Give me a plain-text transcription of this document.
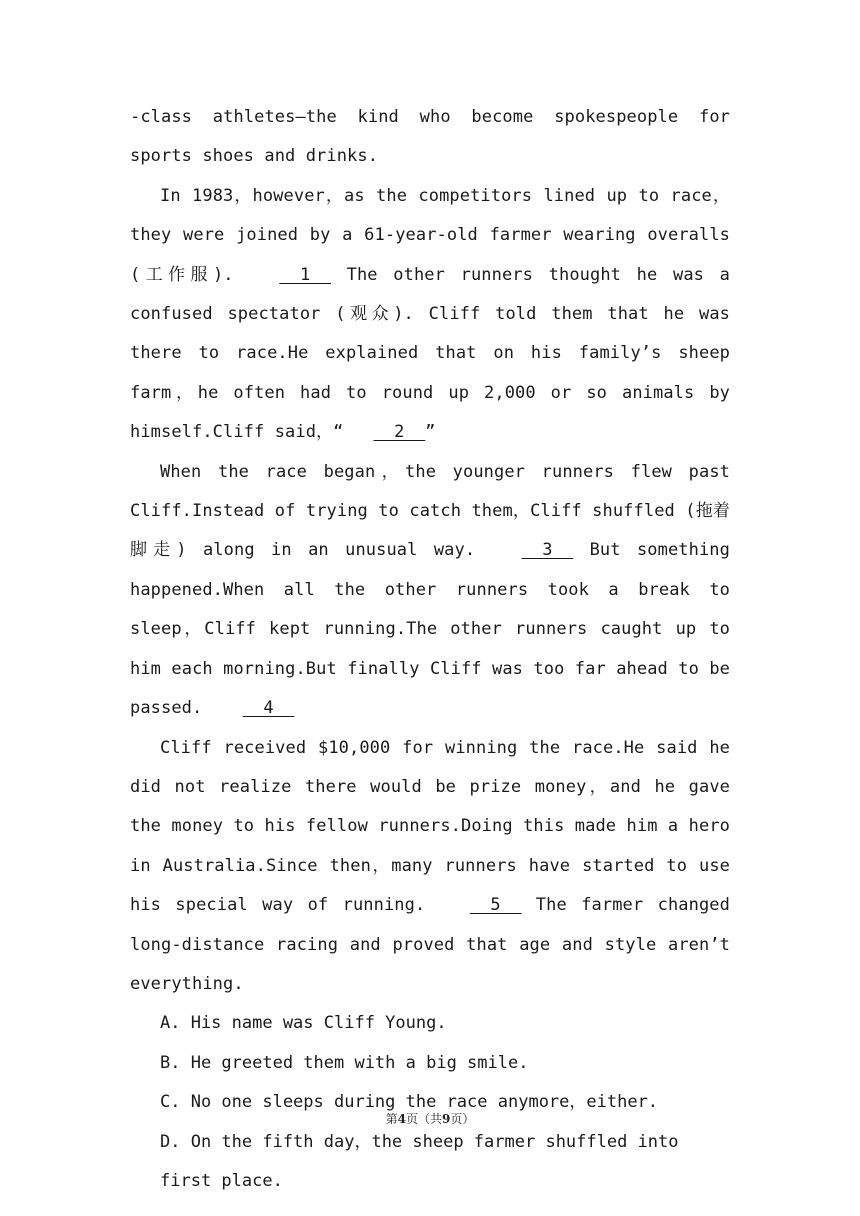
-class athletes—the kind who become spokespeople for sports shoes and drinks.

In 1983，however，as the competitors lined up to race，they were joined by a 61-year-old farmer wearing overalls (工作服).   1   The other runners thought he was a confused spectator (观众). Cliff told them that he was there to race.He explained that on his family’s sheep farm，he often had to round up 2,000 or so animals by himself.Cliff said，“  2  ”

When the race began，the younger runners flew past Cliff.Instead of trying to catch them，Cliff shuffled (拖着脚走) along in an unusual way.   3   But something happened.When all the other runners took a break to sleep，Cliff kept running.The other runners caught up to him each morning.But finally Cliff was too far ahead to be passed.   4

Cliff received $10,000 for winning the race.He said he did not realize there would be prize money，and he gave the money to his fellow runners.Doing this made him a hero in Australia.Since then，many runners have started to use his special way of running.   5   The farmer changed long-distance racing and proved that age and style aren’t everything.

A. His name was Cliff Young.

B. He greeted them with a big smile.

C. No one sleeps during the race anymore，either.

D. On the fifth day，the sheep farmer shuffled into first place.

第4页（共9页）
